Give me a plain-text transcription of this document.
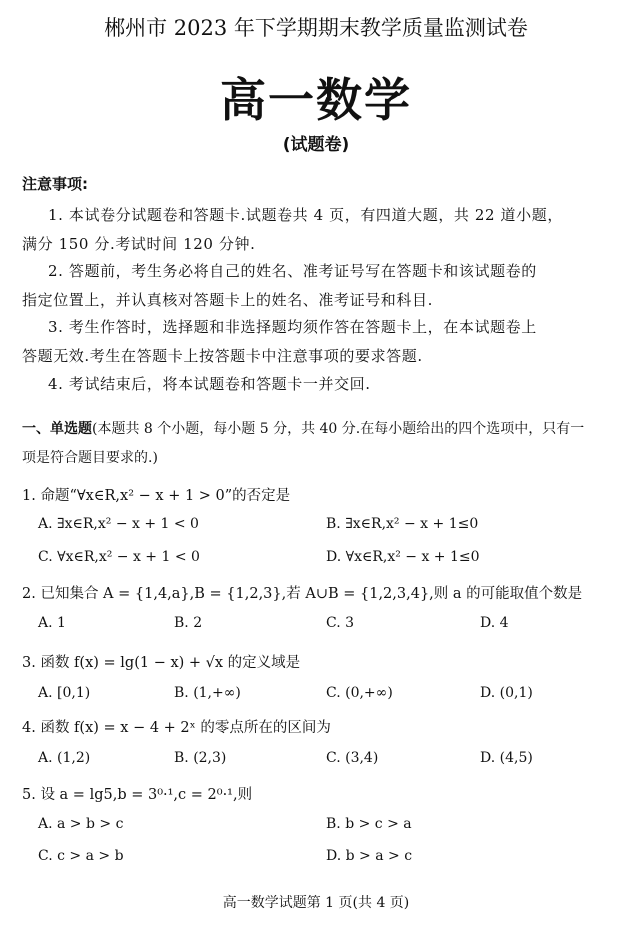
郴州市 2023 年下学期期末教学质量监测试卷
高一数学
(试题卷)
注意事项:
1. 本试卷分试题卷和答题卡.试题卷共 4 页，有四道大题，共 22 道小题，
满分 150 分.考试时间 120 分钟.
2. 答题前，考生务必将自己的姓名、准考证号写在答题卡和该试题卷的
指定位置上，并认真核对答题卡上的姓名、准考证号和科目.
3. 考生作答时，选择题和非选择题均须作答在答题卡上，在本试题卷上
答题无效.考生在答题卡上按答题卡中注意事项的要求答题.
4. 考试结束后，将本试题卷和答题卡一并交回.
一、单选题(本题共 8 个小题，每小题 5 分，共 40 分.在每小题给出的四个选项中，只有一
项是符合题目要求的.)
1. 命题“∀x∈R,x² − x + 1 > 0”的否定是
A. ∃x∈R,x² − x + 1 < 0	B. ∃x∈R,x² − x + 1≤0
C. ∀x∈R,x² − x + 1 < 0	D. ∀x∈R,x² − x + 1≤0
2. 已知集合 A = {1,4,a},B = {1,2,3},若 A∪B = {1,2,3,4},则 a 的可能取值个数是
A. 1	B. 2	C. 3	D. 4
3. 函数 f(x) = lg(1 − x) + √x 的定义域是
A. [0,1)	B. (1,+∞)	C. (0,+∞)	D. (0,1)
4. 函数 f(x) = x − 4 + 2ˣ 的零点所在的区间为
A. (1,2)	B. (2,3)	C. (3,4)	D. (4,5)
5. 设 a = lg5,b = 3⁰·¹,c = 2⁰·¹,则
A. a > b > c	B. b > c > a
C. c > a > b	D. b > a > c
高一数学试题第 1 页(共 4 页)
